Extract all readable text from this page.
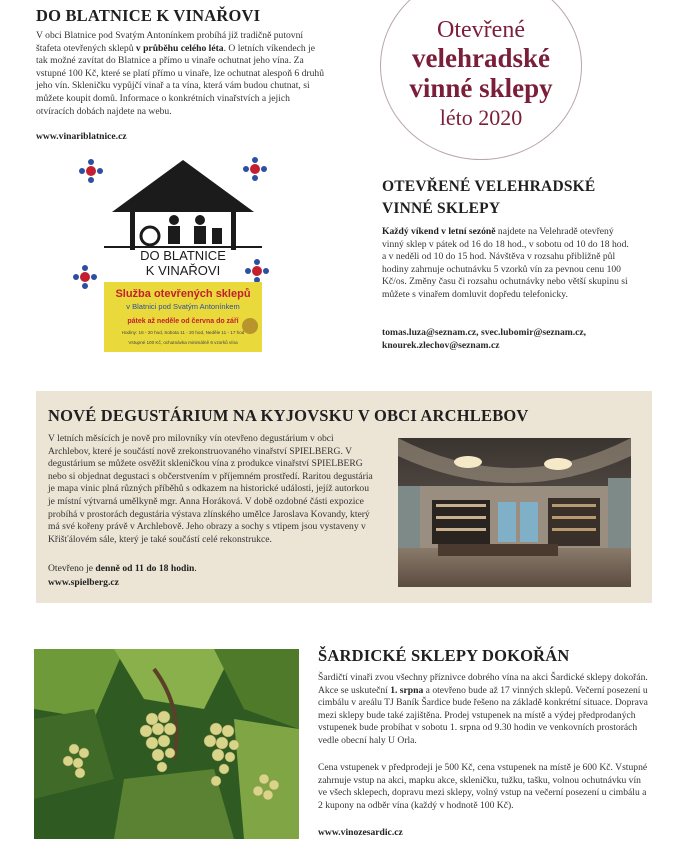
DO BLATNICE K VINAŘOVI

V obci Blatnice pod Svatým Antonínkem probíhá již tradičně putovní štafeta otevřených sklepů v průběhu celého léta. O letních víkendech je tak možné zavítat do Blatnice a přímo u vinaře ochutnat jeho vína. Za vstupné 100 Kč, které se platí přímo u vinaře, lze ochutnat alespoň 6 druhů jeho vín. Skleničku vypůjčí vinař a ta vína, která vám budou chutnat, si můžete koupit domů. Informace o konkrétních vinařstvích a jejich otvíracích dobách najdete na webu.

www.vinariblatnice.cz
DO BLATNICE
K VINAŘOVI
Služba otevřených sklepů
v Blatnici pod Svatým Antonínkem
pátek až neděle od června do září
Hodiny: 16 - 20 hod, Sobota 11 - 20 hod, Neděle 11 - 17 hod
Vstupné 100 Kč, ochutnávka minimálně 6 vzorků vína
Otevřené
velehradské
vinné sklepy
léto 2020
OTEVŘENÉ VELEHRADSKÉ VINNÉ SKLEPY

Každý víkend v letní sezóně najdete na Velehradě otevřený vinný sklep v pátek od 16 do 18 hod., v sobotu od 10 do 18 hod. a v neděli od 10 do 15 hod. Návštěva v rozsahu přibližně půl hodiny zahrnuje ochutnávku 5 vzorků vín za pevnou cenu 100 Kč/os. Změny času či rozsahu ochutnávky nebo větší skupinu si můžete s vinařem domluvit dopředu telefonicky.

tomas.luza@seznam.cz, svec.lubomir@seznam.cz, knourek.zlechov@seznam.cz
NOVÉ DEGUSTÁRIUM NA KYJOVSKU V OBCI ARCHLEBOV

V letních měsících je nově pro milovníky vín otevřeno degustárium v obci Archlebov, které je součástí nově zrekonstruovaného vinařství SPIELBERG. V degustárium se můžete osvěžit skleničkou vína z produkce vinařství SPIELBERG nebo si objednat degustaci s občerstvením v příjemném prostředí. Raritou degustária je mapa vinic plná různých příběhů s odkazem na historické události, jejíž autorkou je místní výtvarná umělkyně mgr. Anna Horáková. V době ozdobné části expozice probíhá v prostorách degustária výstava zlínského umělce Jaroslava Kovandy, který má své kořeny právě v Archlebově. Jeho obrazy a sochy s vtipem jsou vystaveny v Křišťálovém sále, který je také součástí celé rekonstrukce.

Otevřeno je denně od 11 do 18 hodin.

www.spielberg.cz
ŠARDICKÉ SKLEPY DOKOŘÁN

Šardičtí vinaři zvou všechny příznivce dobrého vína na akci Šardické sklepy dokořán. Akce se uskuteční 1. srpna a otevřeno bude až 17 vinných sklepů. Večerní posezení u cimbálu v areálu TJ Baník Šardice bude řešeno na základě konkrétní situace. Doprava mezi sklepy bude také zajištěna. Prodej vstupenek na místě a výdej předprodaných vstupenek bude probíhat v sobotu 1. srpna od 9.30 hodin ve venkovních prostorách vedle obecní haly U Orla.

Cena vstupenek v předprodeji je 500 Kč, cena vstupenek na místě je 600 Kč. Vstupné zahrnuje vstup na akci, mapku akce, skleničku, tužku, tašku, volnou ochutnávku vín ve všech sklepech, dopravu mezi sklepy, volný vstup na večerní posezení u cimbálu a 2 kupony na odběr vína (každý v hodnotě 100 Kč).

www.vinozesardic.cz
